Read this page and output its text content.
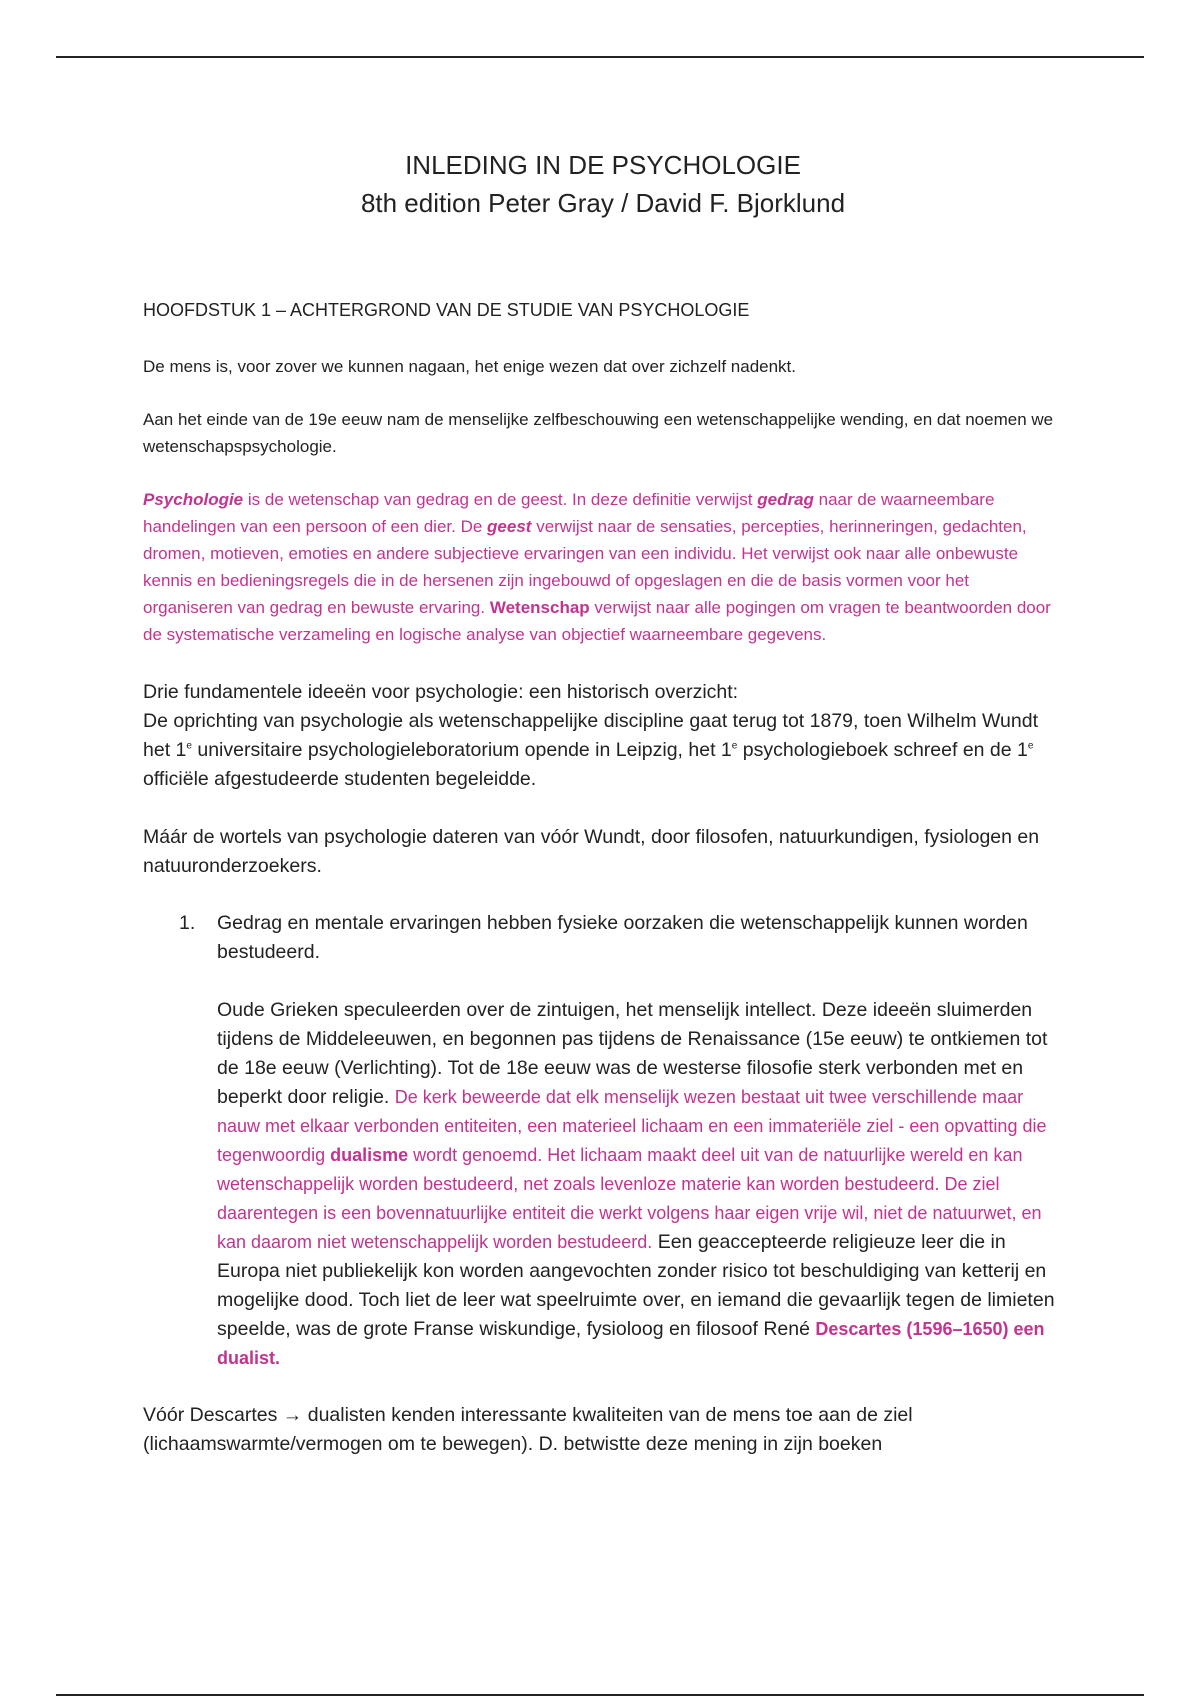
INLEDING IN DE PSYCHOLOGIE
8th edition Peter Gray / David F. Bjorklund
HOOFDSTUK 1 – ACHTERGROND VAN DE STUDIE VAN PSYCHOLOGIE

De mens is, voor zover we kunnen nagaan, het enige wezen dat over zichzelf nadenkt.

Aan het einde van de 19e eeuw nam de menselijke zelfbeschouwing een wetenschappelijke wending, en dat noemen we wetenschapspsychologie.

Psychologie is de wetenschap van gedrag en de geest. In deze definitie verwijst gedrag naar de waarneembare handelingen van een persoon of een dier. De geest verwijst naar de sensaties, percepties, herinneringen, gedachten, dromen, motieven, emoties en andere subjectieve ervaringen van een individu. Het verwijst ook naar alle onbewuste kennis en bedieningsregels die in de hersenen zijn ingebouwd of opgeslagen en die de basis vormen voor het organiseren van gedrag en bewuste ervaring. Wetenschap verwijst naar alle pogingen om vragen te beantwoorden door de systematische verzameling en logische analyse van objectief waarneembare gegevens.

Drie fundamentele ideeën voor psychologie: een historisch overzicht:
De oprichting van psychologie als wetenschappelijke discipline gaat terug tot 1879, toen Wilhelm Wundt het 1e universitaire psychologieleboratorium opende in Leipzig, het 1e psychologieboek schreef en de 1e officiële afgestudeerde studenten begeleidde.

Máár de wortels van psychologie dateren van vóór Wundt, door filosofen, natuurkundigen, fysiologen en natuuronderzoekers.

1. Gedrag en mentale ervaringen hebben fysieke oorzaken die wetenschappelijk kunnen worden bestudeerd.

Oude Grieken speculeerden over de zintuigen, het menselijk intellect. Deze ideeën sluimerden tijdens de Middeleeuwen, en begonnen pas tijdens de Renaissance (15e eeuw) te ontkiemen tot de 18e eeuw (Verlichting). Tot de 18e eeuw was de westerse filosofie sterk verbonden met en beperkt door religie. De kerk beweerde dat elk menselijk wezen bestaat uit twee verschillende maar nauw met elkaar verbonden entiteiten, een materieel lichaam en een immateriële ziel - een opvatting die tegenwoordig dualisme wordt genoemd. Het lichaam maakt deel uit van de natuurlijke wereld en kan wetenschappelijk worden bestudeerd, net zoals levenloze materie kan worden bestudeerd. De ziel daarentegen is een bovennatuurlijke entiteit die werkt volgens haar eigen vrije wil, niet de natuurwet, en kan daarom niet wetenschappelijk worden bestudeerd. Een geaccepteerde religieuze leer die in Europa niet publiekelijk kon worden aangevochten zonder risico tot beschuldiging van ketterij en mogelijke dood. Toch liet de leer wat speelruimte over, en iemand die gevaarlijk tegen de limieten speelde, was de grote Franse wiskundige, fysioloog en filosoof René Descartes (1596–1650) een dualist.

Vóór Descartes → dualisten kenden interessante kwaliteiten van de mens toe aan de ziel (lichaamswarmte/vermogen om te bewegen). D. betwistte deze mening in zijn boeken
